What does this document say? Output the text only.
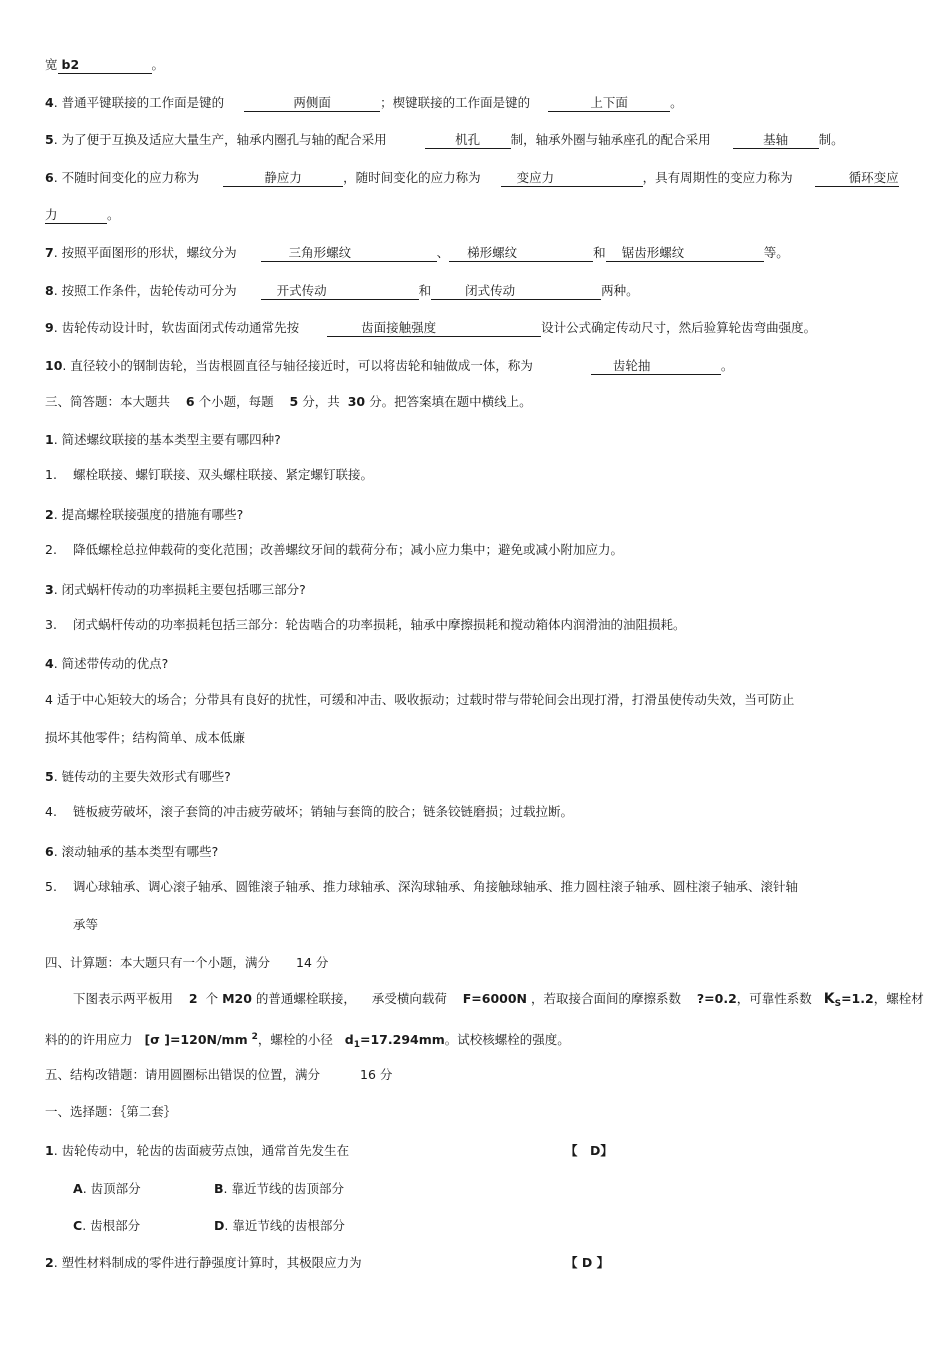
宽 b2	。
4. 普通平键联接的工作面是键的	两侧面	；楔键联接的工作面是键的	上下面	。
5. 为了便于互换及适应大量生产，轴承内圈孔与轴的配合采用	机孔 制，轴承外圈与轴承座孔的配合采用	基轴 制。
6. 不随时间变化的应力称为	静应力	，随时间变化的应力称为	变应力	，具有周期性的变应力称为	循环变应
力	。
7. 按照平面图形的形状，螺纹分为	三角形螺纹	、 梯形螺纹	和 锯齿形螺纹	等。
8. 按照工作条件，齿轮传动可分为	开式传动	和	闭式传动	两种。
9. 齿轮传动设计时，软齿面闭式传动通常先按	齿面接触强度	设计公式确定传动尺寸，然后验算轮齿弯曲强度。
10. 直径较小的钢制齿轮，当齿根圆直径与轴径接近时，可以将齿轮和轴做成一体，称为	齿轮抽	。
三、简答题：本大题共 6 个小题，每题 5 分，共 30 分。把答案填在题中横线上。
1. 简述螺纹联接的基本类型主要有哪四种?
1. 螺栓联接、螺钉联接、双头螺柱联接、紧定螺钉联接。
2. 提高螺栓联接强度的措施有哪些?
2. 降低螺栓总拉伸载荷的变化范围；改善螺纹牙间的载荷分布；减小应力集中；避免或减小附加应力。
3. 闭式蜗杆传动的功率损耗主要包括哪三部分?
3. 闭式蜗杆传动的功率损耗包括三部分：轮齿啮合的功率损耗，轴承中摩擦损耗和搅动箱体内润滑油的油阻损耗。
4. 简述带传动的优点?
4 适于中心矩较大的场合；分带具有良好的扰性，可缓和冲击、吸收振动；过载时带与带轮间会出现打滑，打滑虽使传动失效，当可防止
损坏其他零件；结构简单、成本低廉
5. 链传动的主要失效形式有哪些?
4. 链板疲劳破坏，滚子套筒的冲击疲劳破坏；销轴与套筒的胶合；链条铰链磨损；过载拉断。
6. 滚动轴承的基本类型有哪些?
5. 调心球轴承、调心滚子轴承、圆锥滚子轴承、推力球轴承、深沟球轴承、角接触球轴承、推力圆柱滚子轴承、圆柱滚子轴承、滚针轴
承等
四、计算题：本大题只有一个小题，满分 14 分
下图表示两平板用 2 个 M20 的普通螺栓联接， 承受横向载荷 F=6000N ，若取接合面间的摩擦系数 ?=0.2，可靠性系数 $K_S=1.2$，螺栓材
料的的许用应力 [σ ]=120N/mm $^2$，螺栓的小径 $d_1=17.294mm$。试校核螺栓的强度。
五、结构改错题：请用圆圈标出错误的位置，满分	16 分
一、选择题：｛第二套｝
1. 齿轮传动中，轮齿的齿面疲劳点蚀，通常首先发生在	【　D】
A. 齿顶部分	B. 靠近节线的齿顶部分
C. 齿根部分	D. 靠近节线的齿根部分
2. 塑性材料制成的零件进行静强度计算时，其极限应力为	【 D 】
